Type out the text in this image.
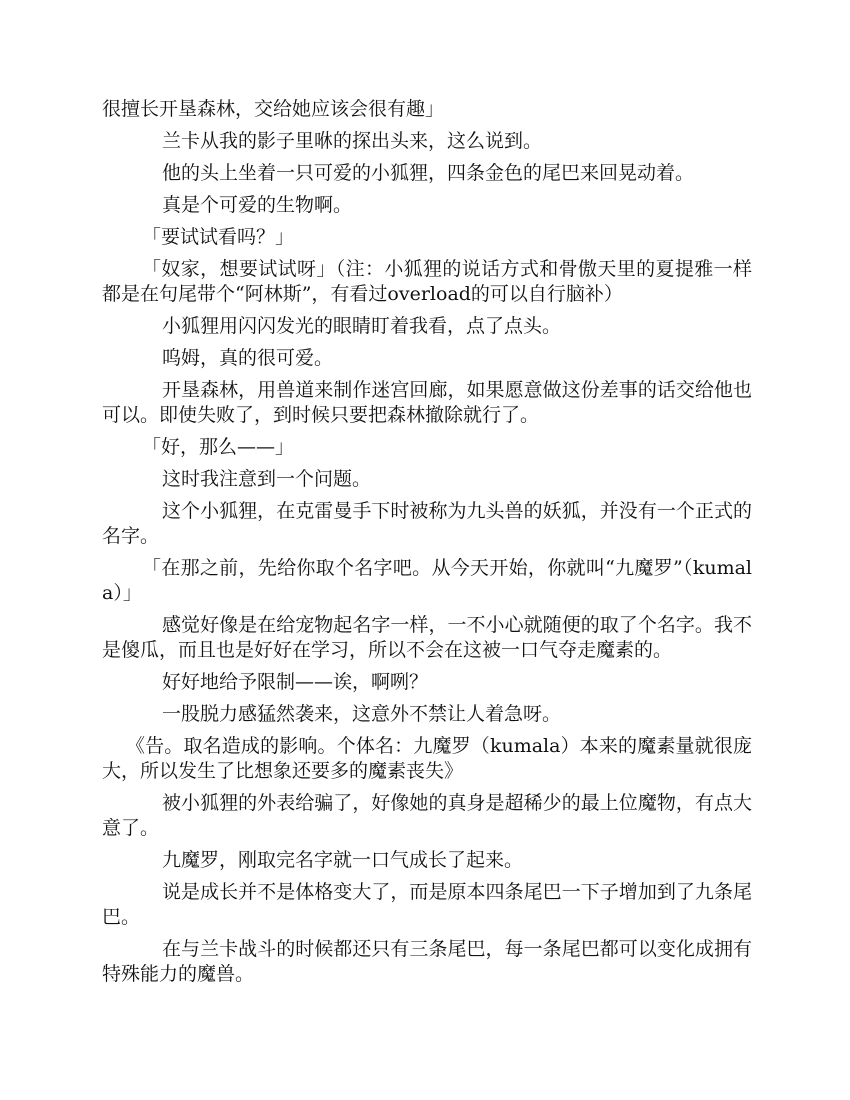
很擅长开垦森林，交给她应该会很有趣」

兰卡从我的影子里咻的探出头来，这么说到。

他的头上坐着一只可爱的小狐狸，四条金色的尾巴来回晃动着。

真是个可爱的生物啊。

「要试试看吗？」

「奴家，想要试试呀」（注：小狐狸的说话方式和骨傲天里的夏提雅一样都是在句尾带个“阿林斯”，有看过overload的可以自行脑补）

小狐狸用闪闪发光的眼睛盯着我看，点了点头。

呜姆，真的很可爱。

开垦森林，用兽道来制作迷宫回廊，如果愿意做这份差事的话交给他也可以。即使失败了，到时候只要把森林撤除就行了。

「好，那么——」

这时我注意到一个问题。

这个小狐狸，在克雷曼手下时被称为九头兽的妖狐，并没有一个正式的名字。

「在那之前，先给你取个名字吧。从今天开始，你就叫“九魔罗”（kumala）」

感觉好像是在给宠物起名字一样，一不小心就随便的取了个名字。我不是傻瓜，而且也是好好在学习，所以不会在这被一口气夺走魔素的。

好好地给予限制——诶，啊咧？

一股脱力感猛然袭来，这意外不禁让人着急呀。

《告。取名造成的影响。个体名：九魔罗（kumala）本来的魔素量就很庞大，所以发生了比想象还要多的魔素丧失》

被小狐狸的外表给骗了，好像她的真身是超稀少的最上位魔物，有点大意了。

九魔罗，刚取完名字就一口气成长了起来。

说是成长并不是体格变大了，而是原本四条尾巴一下子增加到了九条尾巴。

在与兰卡战斗的时候都还只有三条尾巴，每一条尾巴都可以变化成拥有特殊能力的魔兽。
